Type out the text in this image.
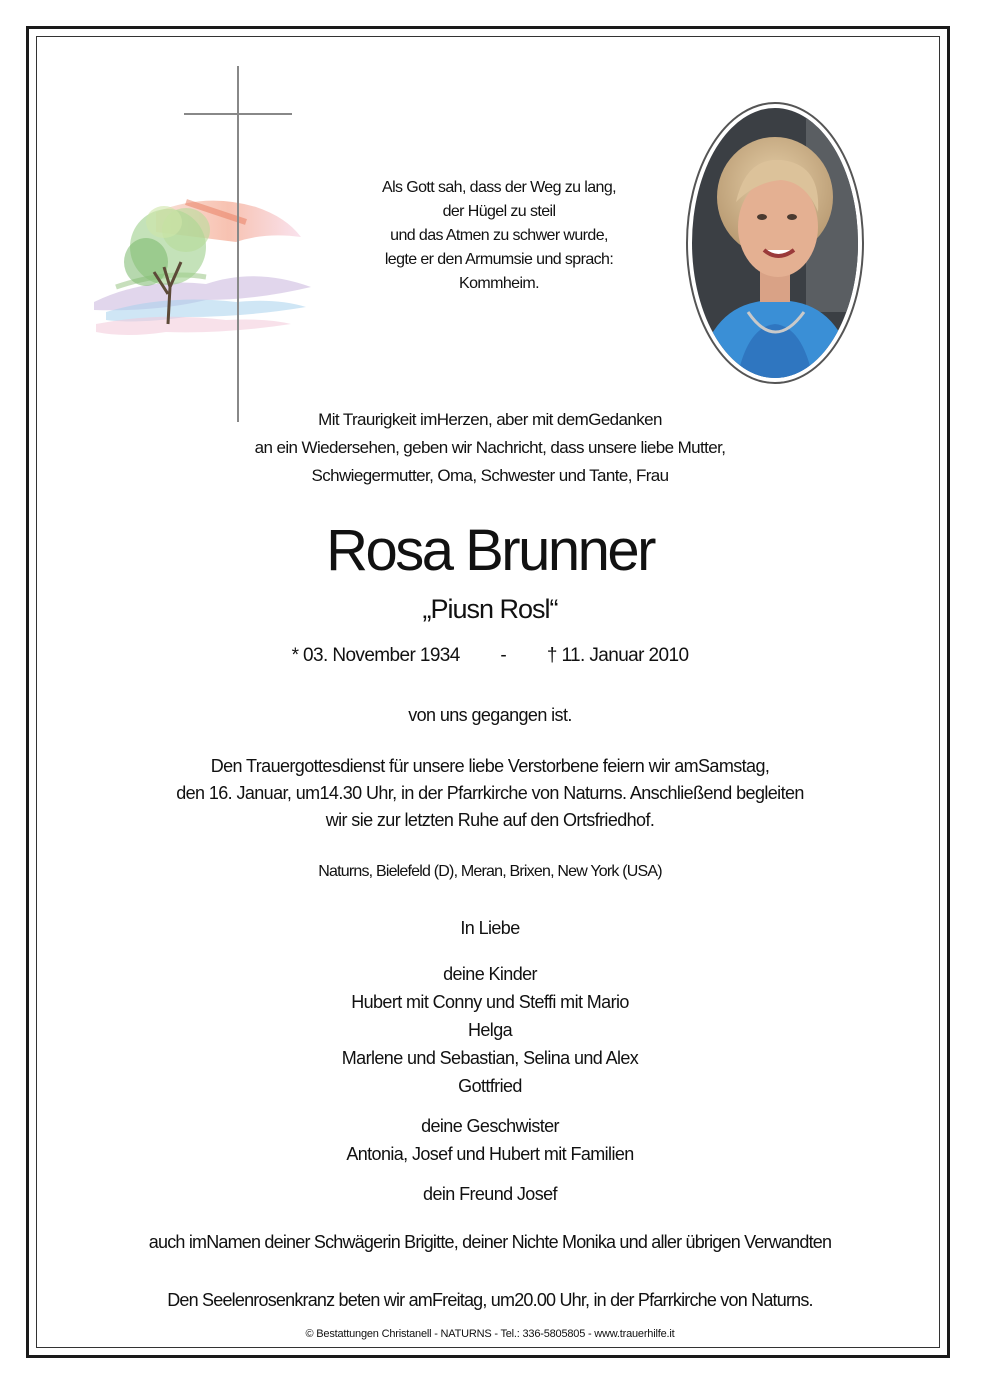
Als Gott sah, dass der Weg zu lang,
der Hügel zu steil
und das Atmen zu schwer wurde,
legte er den Armumsie und sprach:
Kommheim.
Mit Traurigkeit imHerzen, aber mit demGedanken
an ein Wiedersehen, geben wir Nachricht, dass unsere liebe Mutter,
Schwiegermutter, Oma, Schwester und Tante, Frau
Rosa Brunner
„Piusn Rosl“
* 03. November 1934 - † 11. Januar 2010
von uns gegangen ist.
Den Trauergottesdienst für unsere liebe Verstorbene feiern wir amSamstag,
den 16. Januar, um14.30 Uhr, in der Pfarrkirche von Naturns. Anschließend begleiten
wir sie zur letzten Ruhe auf den Ortsfriedhof.
Naturns, Bielefeld (D), Meran, Brixen, New York (USA)
In Liebe
deine Kinder
Hubert mit Conny und Steffi mit Mario
Helga
Marlene und Sebastian, Selina und Alex
Gottfried
deine Geschwister
Antonia, Josef und Hubert mit Familien
dein Freund Josef
auch imNamen deiner Schwägerin Brigitte, deiner Nichte Monika und aller übrigen Verwandten
Den Seelenrosenkranz beten wir amFreitag, um20.00 Uhr, in der Pfarrkirche von Naturns.
© Bestattungen Christanell - NATURNS - Tel.: 336-5805805 - www.trauerhilfe.it
